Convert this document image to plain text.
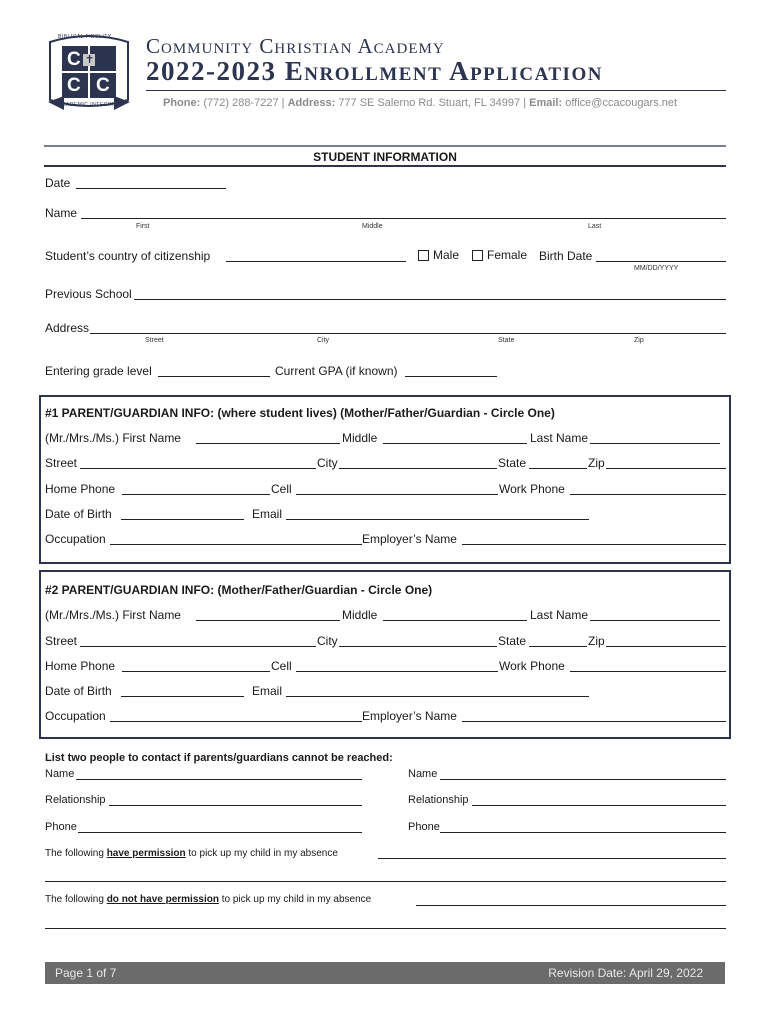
BIBLICAL FIDELITY
C ✝
C C
ACADEMIC INTEGRITY
Community Christian Academy
2022-2023 Enrollment Application
Phone: (772) 288-7227 | Address: 777 SE Salerno Rd. Stuart, FL 34997 | Email: office@ccacougars.net
STUDENT INFORMATION
Date
Name
First	Middle	Last
Student’s country of citizenship	Male	Female Birth Date
MM/DD/YYYY
Previous School
Address
Street	City	State	Zip
Entering grade level	Current GPA (if known)
#1 PARENT/GUARDIAN INFO: (where student lives) (Mother/Father/Guardian - Circle One)
(Mr./Mrs./Ms.) First Name	Middle	Last Name
Street	City	State	Zip
Home Phone	Cell	Work Phone
Date of Birth	Email
Occupation	Employer’s Name
#2 PARENT/GUARDIAN INFO: (Mother/Father/Guardian - Circle One)
(Mr./Mrs./Ms.) First Name	Middle	Last Name
Street	City	State	Zip
Home Phone	Cell	Work Phone
Date of Birth	Email
Occupation	Employer’s Name
List two people to contact if parents/guardians cannot be reached:
Name	Name
Relationship	Relationship
Phone	Phone
The following have permission to pick up my child in my absence
The following do not have permission to pick up my child in my absence
Page 1 of 7	Revision Date: April 29, 2022
